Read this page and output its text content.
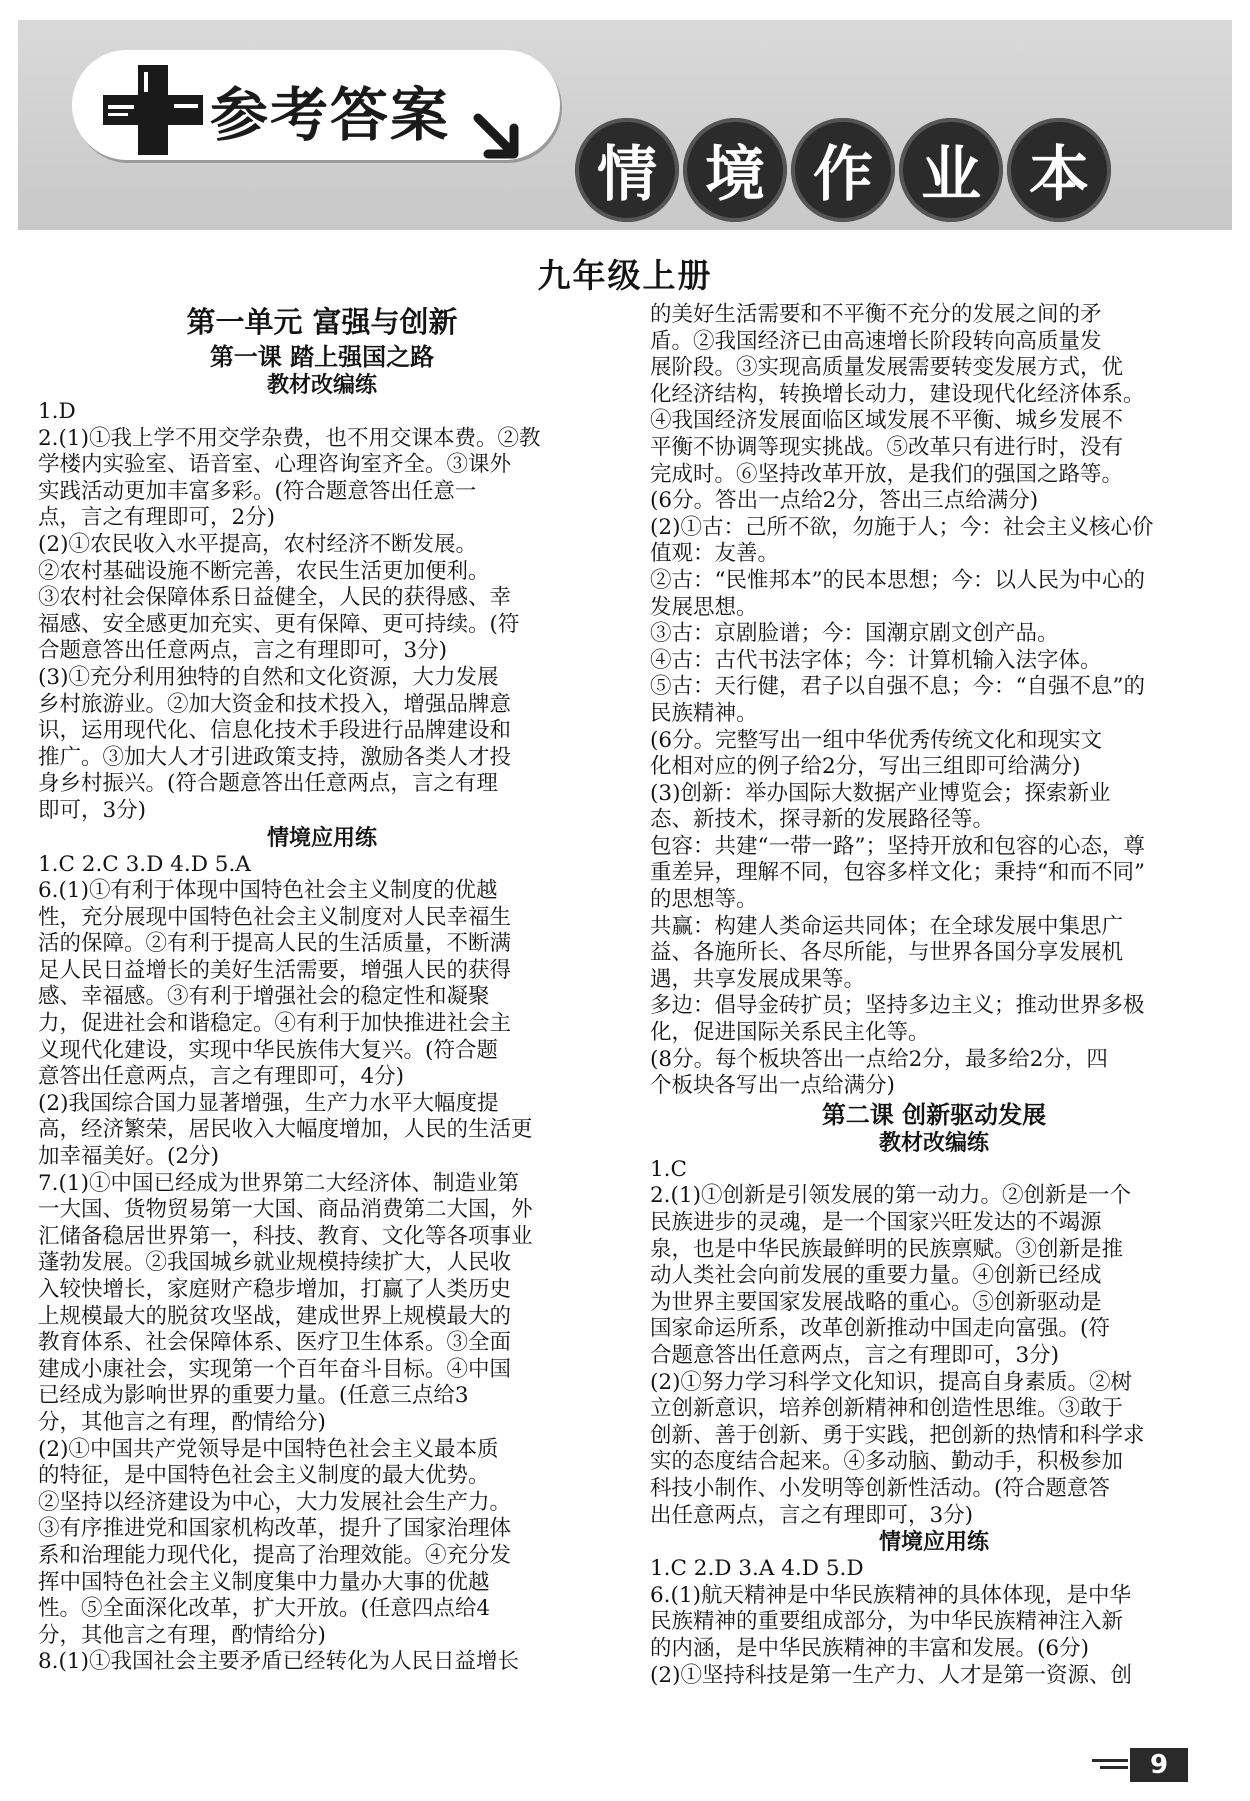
参考答案
情 境 作 业 本
九年级上册
第一单元 富强与创新
第一课 踏上强国之路
教材改编练
1.D
2.(1)①我上学不用交学杂费，也不用交课本费。②教
学楼内实验室、语音室、心理咨询室齐全。③课外
实践活动更加丰富多彩。(符合题意答出任意一
点，言之有理即可，2分)
(2)①农民收入水平提高，农村经济不断发展。
②农村基础设施不断完善，农民生活更加便利。
③农村社会保障体系日益健全，人民的获得感、幸
福感、安全感更加充实、更有保障、更可持续。(符
合题意答出任意两点，言之有理即可，3分)
(3)①充分利用独特的自然和文化资源，大力发展
乡村旅游业。②加大资金和技术投入，增强品牌意
识，运用现代化、信息化技术手段进行品牌建设和
推广。③加大人才引进政策支持，激励各类人才投
身乡村振兴。(符合题意答出任意两点，言之有理
即可，3分)
情境应用练
1.C 2.C 3.D 4.D 5.A
6.(1)①有利于体现中国特色社会主义制度的优越
性，充分展现中国特色社会主义制度对人民幸福生
活的保障。②有利于提高人民的生活质量，不断满
足人民日益增长的美好生活需要，增强人民的获得
感、幸福感。③有利于增强社会的稳定性和凝聚
力，促进社会和谐稳定。④有利于加快推进社会主
义现代化建设，实现中华民族伟大复兴。(符合题
意答出任意两点，言之有理即可，4分)
(2)我国综合国力显著增强，生产力水平大幅度提
高，经济繁荣，居民收入大幅度增加，人民的生活更
加幸福美好。(2分)
7.(1)①中国已经成为世界第二大经济体、制造业第
一大国、货物贸易第一大国、商品消费第二大国，外
汇储备稳居世界第一，科技、教育、文化等各项事业
蓬勃发展。②我国城乡就业规模持续扩大，人民收
入较快增长，家庭财产稳步增加，打赢了人类历史
上规模最大的脱贫攻坚战，建成世界上规模最大的
教育体系、社会保障体系、医疗卫生体系。③全面
建成小康社会，实现第一个百年奋斗目标。④中国
已经成为影响世界的重要力量。(任意三点给3
分，其他言之有理，酌情给分)
(2)①中国共产党领导是中国特色社会主义最本质
的特征，是中国特色社会主义制度的最大优势。
②坚持以经济建设为中心，大力发展社会生产力。
③有序推进党和国家机构改革，提升了国家治理体
系和治理能力现代化，提高了治理效能。④充分发
挥中国特色社会主义制度集中力量办大事的优越
性。⑤全面深化改革，扩大开放。(任意四点给4
分，其他言之有理，酌情给分)
8.(1)①我国社会主要矛盾已经转化为人民日益增长
的美好生活需要和不平衡不充分的发展之间的矛
盾。②我国经济已由高速增长阶段转向高质量发
展阶段。③实现高质量发展需要转变发展方式，优
化经济结构，转换增长动力，建设现代化经济体系。
④我国经济发展面临区域发展不平衡、城乡发展不
平衡不协调等现实挑战。⑤改革只有进行时，没有
完成时。⑥坚持改革开放，是我们的强国之路等。
(6分。答出一点给2分，答出三点给满分)
(2)①古：己所不欲，勿施于人；今：社会主义核心价
值观：友善。
②古：“民惟邦本”的民本思想；今：以人民为中心的
发展思想。
③古：京剧脸谱；今：国潮京剧文创产品。
④古：古代书法字体；今：计算机输入法字体。
⑤古：天行健，君子以自强不息；今：“自强不息”的
民族精神。
(6分。完整写出一组中华优秀传统文化和现实文
化相对应的例子给2分，写出三组即可给满分)
(3)创新：举办国际大数据产业博览会；探索新业
态、新技术，探寻新的发展路径等。
包容：共建“一带一路”；坚持开放和包容的心态，尊
重差异，理解不同，包容多样文化；秉持“和而不同”
的思想等。
共赢：构建人类命运共同体；在全球发展中集思广
益、各施所长、各尽所能，与世界各国分享发展机
遇，共享发展成果等。
多边：倡导金砖扩员；坚持多边主义；推动世界多极
化，促进国际关系民主化等。
(8分。每个板块答出一点给2分，最多给2分，四
个板块各写出一点给满分)
第二课 创新驱动发展
教材改编练
1.C
2.(1)①创新是引领发展的第一动力。②创新是一个
民族进步的灵魂，是一个国家兴旺发达的不竭源
泉，也是中华民族最鲜明的民族禀赋。③创新是推
动人类社会向前发展的重要力量。④创新已经成
为世界主要国家发展战略的重心。⑤创新驱动是
国家命运所系，改革创新推动中国走向富强。(符
合题意答出任意两点，言之有理即可，3分)
(2)①努力学习科学文化知识，提高自身素质。②树
立创新意识，培养创新精神和创造性思维。③敢于
创新、善于创新、勇于实践，把创新的热情和科学求
实的态度结合起来。④多动脑、勤动手，积极参加
科技小制作、小发明等创新性活动。(符合题意答
出任意两点，言之有理即可，3分)
情境应用练
1.C 2.D 3.A 4.D 5.D
6.(1)航天精神是中华民族精神的具体体现，是中华
民族精神的重要组成部分，为中华民族精神注入新
的内涵，是中华民族精神的丰富和发展。(6分)
(2)①坚持科技是第一生产力、人才是第一资源、创
9
